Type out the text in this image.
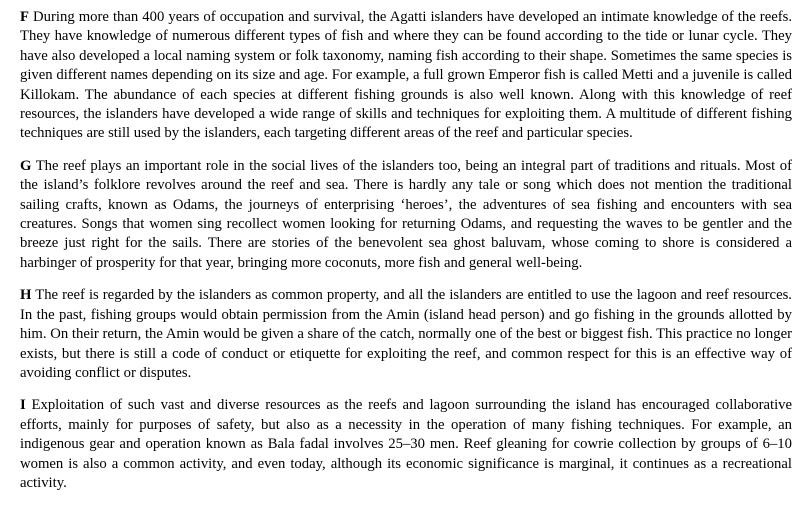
F During more than 400 years of occupation and survival, the Agatti islanders have developed an intimate knowledge of the reefs. They have knowledge of numerous different types of fish and where they can be found according to the tide or lunar cycle. They have also developed a local naming system or folk taxonomy, naming fish according to their shape. Sometimes the same species is given different names depending on its size and age. For example, a full grown Emperor fish is called Metti and a juvenile is called Killokam. The abundance of each species at different fishing grounds is also well known. Along with this knowledge of reef resources, the islanders have developed a wide range of skills and techniques for exploiting them. A multitude of different fishing techniques are still used by the islanders, each targeting different areas of the reef and particular species.

G The reef plays an important role in the social lives of the islanders too, being an integral part of traditions and rituals. Most of the island’s folklore revolves around the reef and sea. There is hardly any tale or song which does not mention the traditional sailing crafts, known as Odams, the journeys of enterprising ‘heroes’, the adventures of sea fishing and encounters with sea creatures. Songs that women sing recollect women looking for returning Odams, and requesting the waves to be gentler and the breeze just right for the sails. There are stories of the benevolent sea ghost baluvam, whose coming to shore is considered a harbinger of prosperity for that year, bringing more coconuts, more fish and general well-being.

H The reef is regarded by the islanders as common property, and all the islanders are entitled to use the lagoon and reef resources. In the past, fishing groups would obtain permission from the Amin (island head person) and go fishing in the grounds allotted by him. On their return, the Amin would be given a share of the catch, normally one of the best or biggest fish. This practice no longer exists, but there is still a code of conduct or etiquette for exploiting the reef, and common respect for this is an effective way of avoiding conflict or disputes.

I Exploitation of such vast and diverse resources as the reefs and lagoon surrounding the island has encouraged collaborative efforts, mainly for purposes of safety, but also as a necessity in the operation of many fishing techniques. For example, an indigenous gear and operation known as Bala fadal involves 25–30 men. Reef gleaning for cowrie collection by groups of 6–10 women is also a common activity, and even today, although its economic significance is marginal, it continues as a recreational activity.
